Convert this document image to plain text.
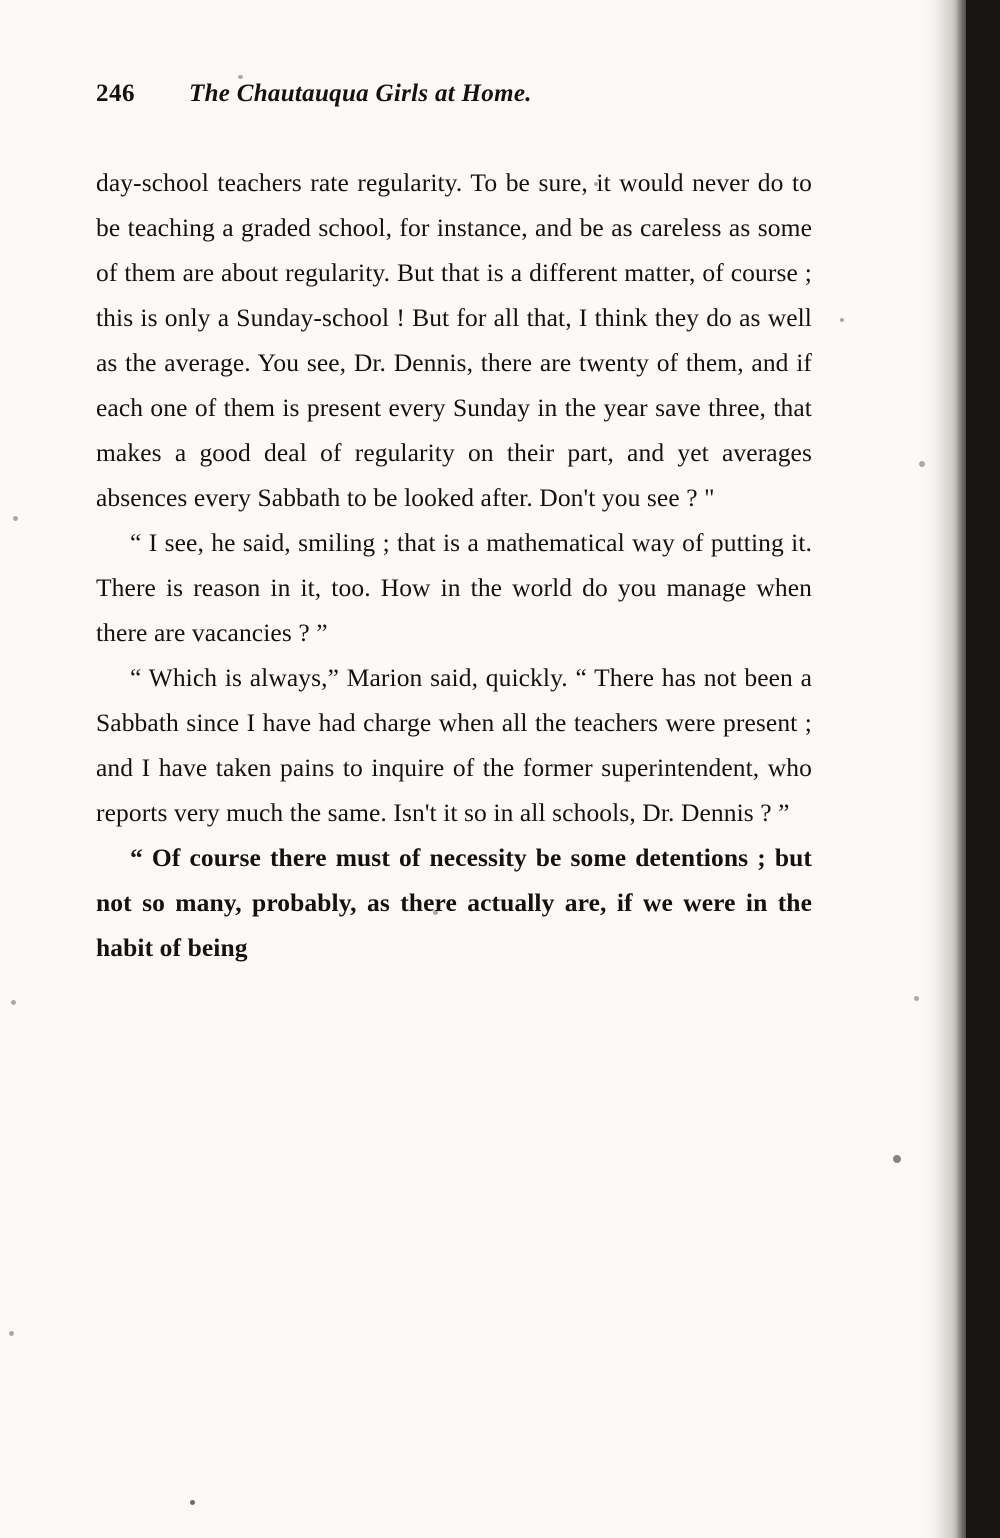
246 The Chautauqua Girls at Home.

day-school teachers rate regularity. To be sure, it would never do to be teaching a graded school, for instance, and be as careless as some of them are about regularity. But that is a different matter, of course ; this is only a Sunday-school ! But for all that, I think they do as well as the average. You see, Dr. Dennis, there are twenty of them, and if each one of them is present every Sunday in the year save three, that makes a good deal of regularity on their part, and yet averages absences every Sabbath to be looked after. Don't you see ? "

“ I see, he said, smiling ; that is a mathematical way of putting it. There is reason in it, too. How in the world do you manage when there are vacancies ? ”

“ Which is always,” Marion said, quickly. “ There has not been a Sabbath since I have had charge when all the teachers were present ; and I have taken pains to inquire of the former superintendent, who reports very much the same. Isn't it so in all schools, Dr. Dennis ? ”

“ Of course there must of necessity be some detentions ; but not so many, probably, as there actually are, if we were in the habit of being
